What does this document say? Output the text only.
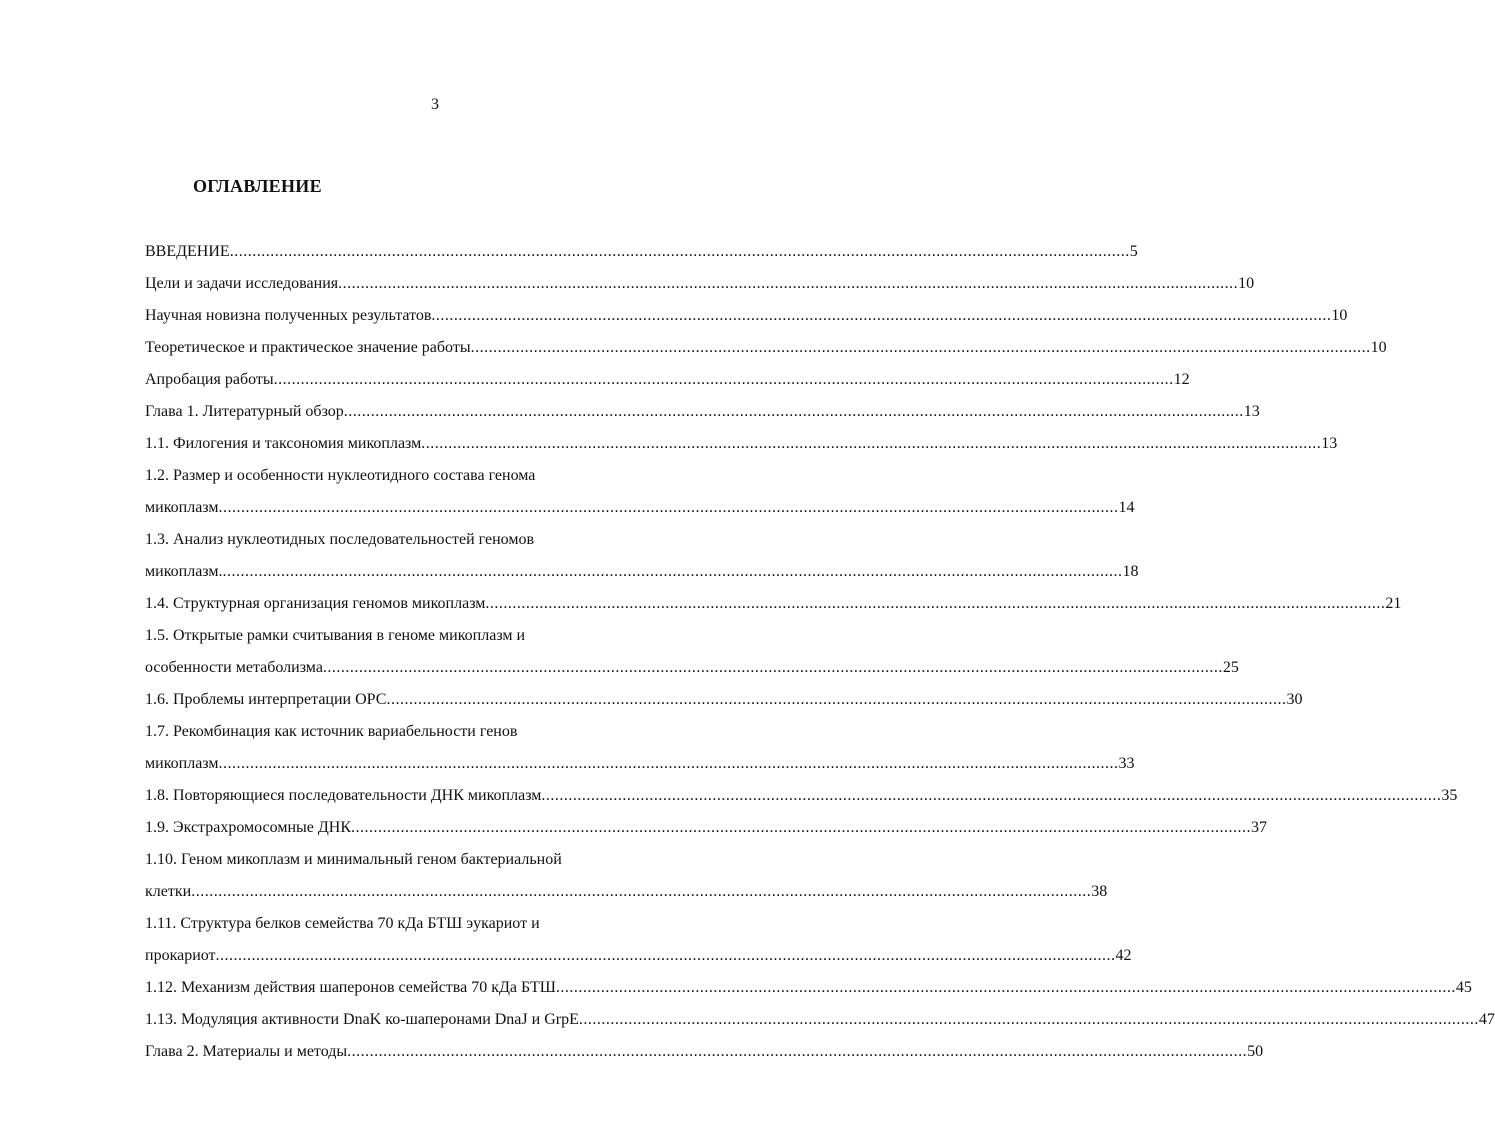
3
ОГЛАВЛЕНИЕ
ВВЕДЕНИЕ ........................................................................................................................................................................................................ 5
Цели и задачи исследования ........................................................................................................................................................................................................ 10
Научная новизна полученных результатов ........................................................................................................................................................................................................ 10
Теоретическое и практическое значение работы ........................................................................................................................................................................................................ 10
Апробация работы ........................................................................................................................................................................................................ 12
Глава 1. Литературный обзор ........................................................................................................................................................................................................ 13
1.1. Филогения и таксономия микоплазм ........................................................................................................................................................................................................ 13
1.2. Размер и особенности нуклеотидного состава генома
микоплазм ........................................................................................................................................................................................................ 14
1.3. Анализ нуклеотидных последовательностей геномов
микоплазм. ........................................................................................................................................................................................................ 18
1.4. Структурная организация геномов микоплазм ........................................................................................................................................................................................................ 21
1.5. Открытые рамки считывания в геноме микоплазм и
особенности метаболизма ........................................................................................................................................................................................................ 25
1.6. Проблемы интерпретации ОРС ........................................................................................................................................................................................................ 30
1.7. Рекомбинация как источник вариабельности генов
микоплазм ........................................................................................................................................................................................................ 33
1.8. Повторяющиеся последовательности ДНК микоплазм ........................................................................................................................................................................................................ 35
1.9. Экстрахромосомные ДНК ........................................................................................................................................................................................................ 37
1.10. Геном микоплазм и минимальный геном бактериальной
клетки ........................................................................................................................................................................................................ 38
1.11. Структура белков семейства 70 кДа БТШ эукариот и
прокариот ........................................................................................................................................................................................................ 42
1.12. Механизм действия шаперонов семейства 70 кДа БТШ ........................................................................................................................................................................................................ 45
1.13. Модуляция активности DnaK ко-шаперонами DnaJ и GrpE ........................................................................................................................................................................................................ 47
Глава 2. Материалы и методы ........................................................................................................................................................................................................ 50
